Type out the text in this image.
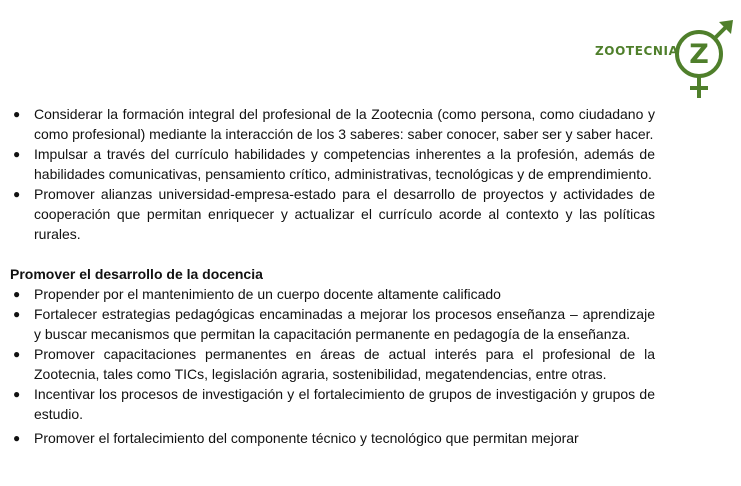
ZOOTECNIA Z
● Considerar la formación integral del profesional de la Zootecnia (como persona, como ciudadano y como profesional) mediante la interacción de los 3 saberes: saber conocer, saber ser y saber hacer.
● Impulsar a través del currículo habilidades y competencias inherentes a la profesión, además de habilidades comunicativas, pensamiento crítico, administrativas, tecnológicas y de emprendimiento.
● Promover alianzas universidad-empresa-estado para el desarrollo de proyectos y actividades de cooperación que permitan enriquecer y actualizar el currículo acorde al contexto y las políticas rurales.

Promover el desarrollo de la docencia

● Propender por el mantenimiento de un cuerpo docente altamente calificado
● Fortalecer estrategias pedagógicas encaminadas a mejorar los procesos enseñanza – aprendizaje y buscar mecanismos que permitan la capacitación permanente en pedagogía de la enseñanza.
● Promover capacitaciones permanentes en áreas de actual interés para el profesional de la Zootecnia, tales como TICs, legislación agraria, sostenibilidad, megatendencias, entre otras.
● Incentivar los procesos de investigación y el fortalecimiento de grupos de investigación y grupos de estudio.
● Promover el fortalecimiento del componente técnico y tecnológico que permitan mejorar
